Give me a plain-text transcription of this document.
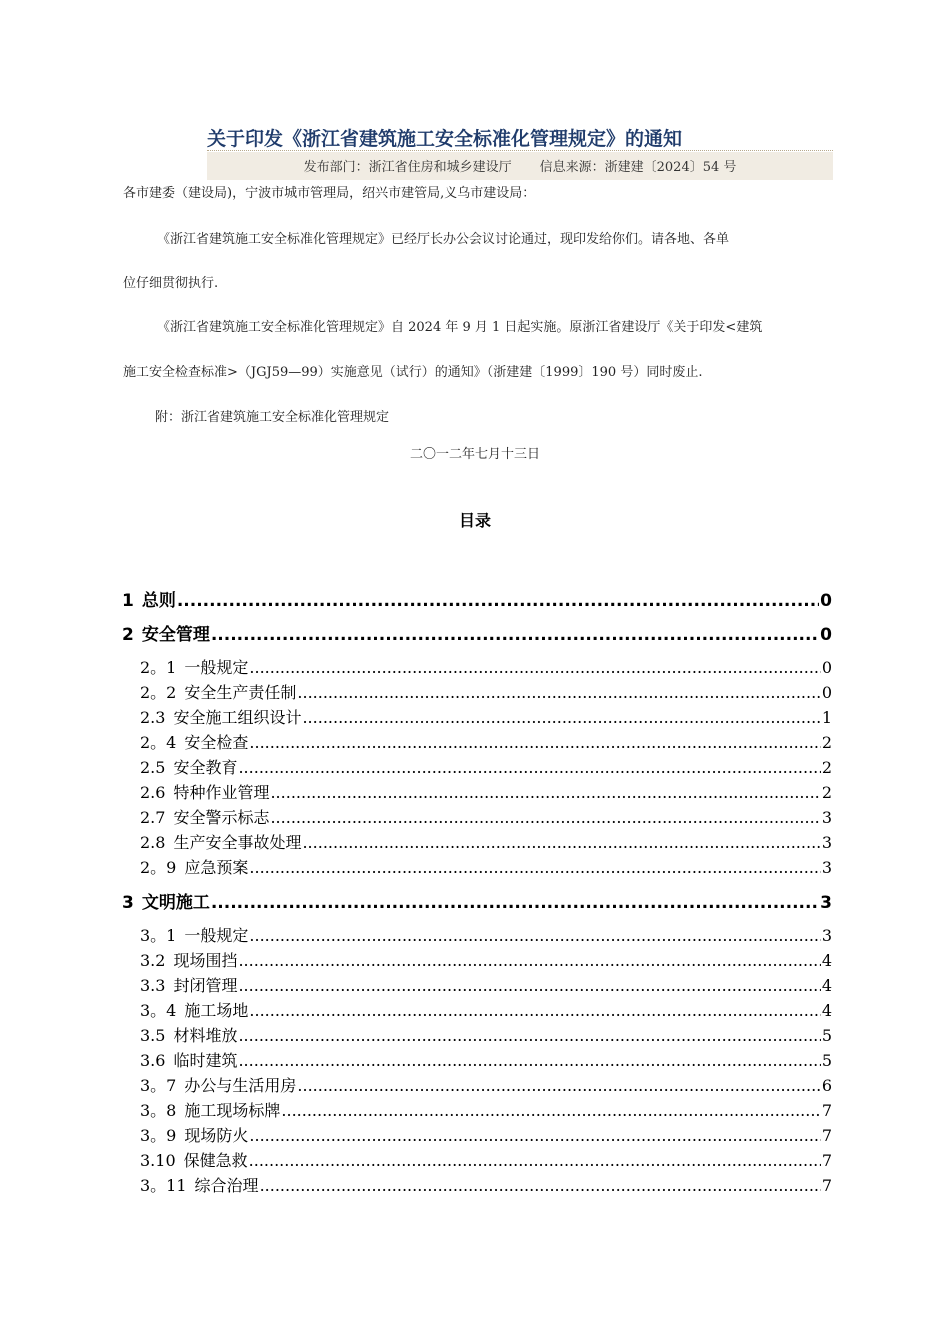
关于印发《浙江省建筑施工安全标准化管理规定》的通知
发布部门：浙江省住房和城乡建设厅 信息来源：浙建建〔2024〕54 号
各市建委（建设局)，宁波市城市管理局，绍兴市建管局,义乌市建设局：
《浙江省建筑施工安全标准化管理规定》已经厅长办公会议讨论通过，现印发给你们。请各地、各单
位仔细贯彻执行.
《浙江省建筑施工安全标准化管理规定》自 2024 年 9 月 1 日起实施。原浙江省建设厅《关于印发<建筑
施工安全检查标准>（JGJ59—99）实施意见（试行）的通知》（浙建建〔1999〕190 号）同时废止.
附：浙江省建筑施工安全标准化管理规定
二〇一二年七月十三日
目录
1 总则 .....	0
2 安全管理 .....	0
2。1 一般规定 .....	0
2。2 安全生产责任制 .....	0
2.3 安全施工组织设计 .....	1
2。4 安全检查 .....	2
2.5 安全教育 .....	2
2.6 特种作业管理 .....	2
2.7 安全警示标志 .....	3
2.8 生产安全事故处理 .....	3
2。9 应急预案 .....	3
3 文明施工 .....	3
3。1 一般规定 .....	3
3.2 现场围挡 .....	4
3.3 封闭管理 .....	4
3。4 施工场地 .....	4
3.5 材料堆放 .....	5
3.6 临时建筑 .....	5
3。7 办公与生活用房 .....	6
3。8 施工现场标牌 .....	7
3。9 现场防火 .....	7
3.10 保健急救 .....	7
3。11 综合治理 .....	7
